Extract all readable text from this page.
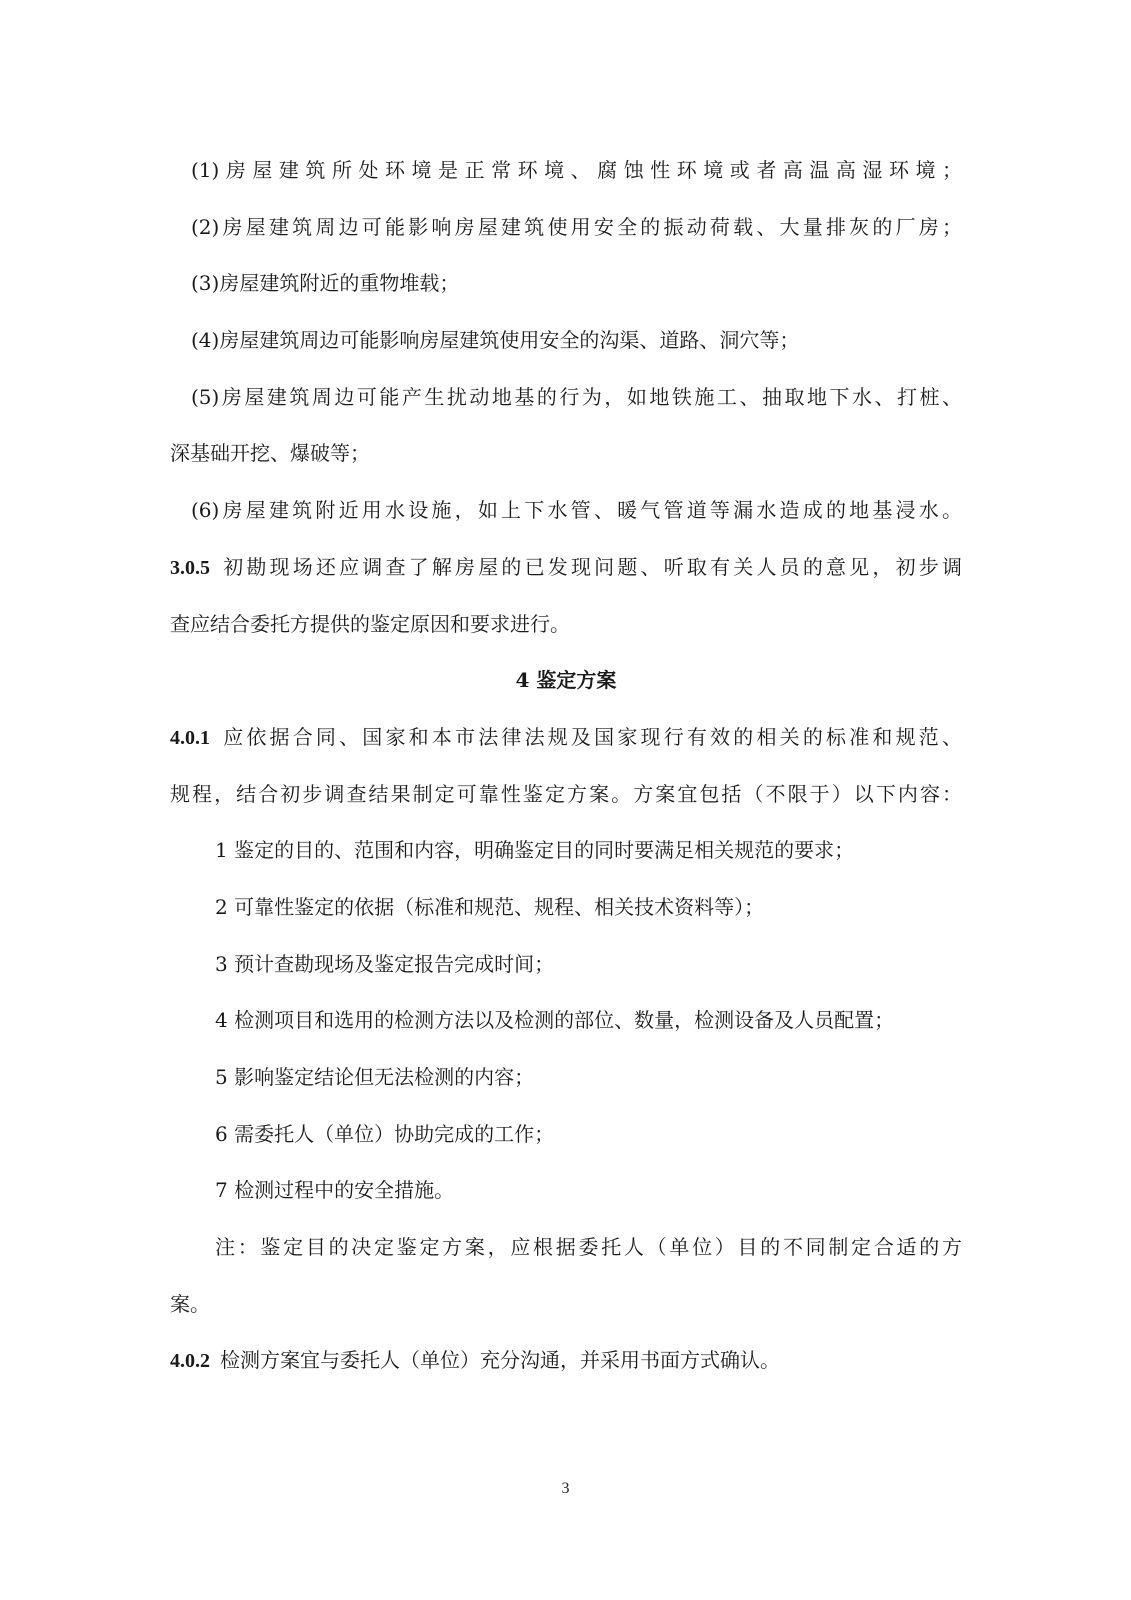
(1)房屋建筑所处环境是正常环境、腐蚀性环境或者高温高湿环境；
(2)房屋建筑周边可能影响房屋建筑使用安全的振动荷载、大量排灰的厂房；
(3)房屋建筑附近的重物堆载；
(4)房屋建筑周边可能影响房屋建筑使用安全的沟渠、道路、洞穴等；
(5)房屋建筑周边可能产生扰动地基的行为，如地铁施工、抽取地下水、打桩、
深基础开挖、爆破等；
(6)房屋建筑附近用水设施，如上下水管、暖气管道等漏水造成的地基浸水。
3.0.5 初勘现场还应调查了解房屋的已发现问题、听取有关人员的意见，初步调
查应结合委托方提供的鉴定原因和要求进行。
4 鉴定方案
4.0.1 应依据合同、国家和本市法律法规及国家现行有效的相关的标准和规范、
规程，结合初步调查结果制定可靠性鉴定方案。方案宜包括（不限于）以下内容：
1 鉴定的目的、范围和内容，明确鉴定目的同时要满足相关规范的要求；
2 可靠性鉴定的依据（标准和规范、规程、相关技术资料等）；
3 预计查勘现场及鉴定报告完成时间；
4 检测项目和选用的检测方法以及检测的部位、数量，检测设备及人员配置；
5 影响鉴定结论但无法检测的内容；
6 需委托人（单位）协助完成的工作；
7 检测过程中的安全措施。
注：鉴定目的决定鉴定方案，应根据委托人（单位）目的不同制定合适的方
案。
4.0.2 检测方案宜与委托人（单位）充分沟通，并采用书面方式确认。
3
